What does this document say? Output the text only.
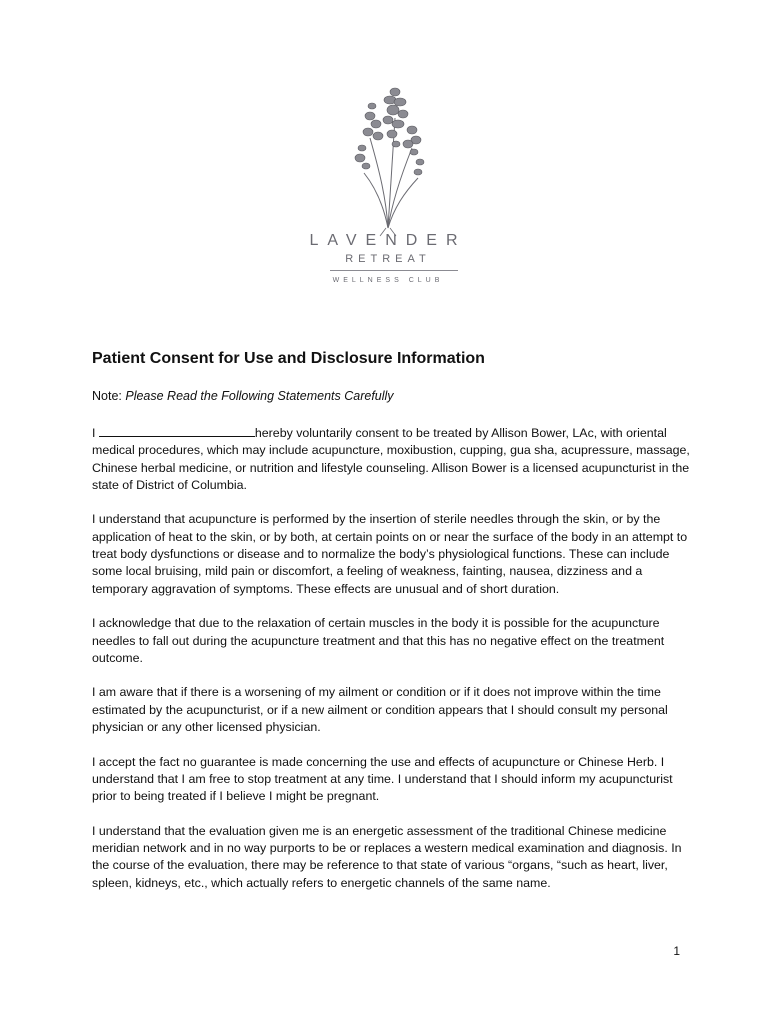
LAVENDER
RETREAT
WELLNESS CLUB
Patient Consent for Use and Disclosure Information
Note: Please Read the Following Statements Carefully

I	hereby voluntarily consent to be treated by Allison Bower, LAc, with oriental medical procedures, which may include acupuncture, moxibustion, cupping, gua sha, acupressure, massage, Chinese herbal medicine, or nutrition and lifestyle counseling. Allison Bower is a licensed acupuncturist in the state of District of Columbia.

I understand that acupuncture is performed by the insertion of sterile needles through the skin, or by the application of heat to the skin, or by both, at certain points on or near the surface of the body in an attempt to treat body dysfunctions or disease and to normalize the body’s physiological functions. These can include some local bruising, mild pain or discomfort, a feeling of weakness, fainting, nausea, dizziness and a temporary aggravation of symptoms. These effects are unusual and of short duration.

I acknowledge that due to the relaxation of certain muscles in the body it is possible for the acupuncture needles to fall out during the acupuncture treatment and that this has no negative effect on the treatment outcome.

I am aware that if there is a worsening of my ailment or condition or if it does not improve within the time estimated by the acupuncturist, or if a new ailment or condition appears that I should consult my personal physician or any other licensed physician.

I accept the fact no guarantee is made concerning the use and effects of acupuncture or Chinese Herb. I understand that I am free to stop treatment at any time. I understand that I should inform my acupuncturist prior to being treated if I believe I might be pregnant.

I understand that the evaluation given me is an energetic assessment of the traditional Chinese medicine meridian network and in no way purports to be or replaces a western medical examination and diagnosis. In the course of the evaluation, there may be reference to that state of various “organs, “such as heart, liver, spleen, kidneys, etc., which actually refers to energetic channels of the same name.

1
